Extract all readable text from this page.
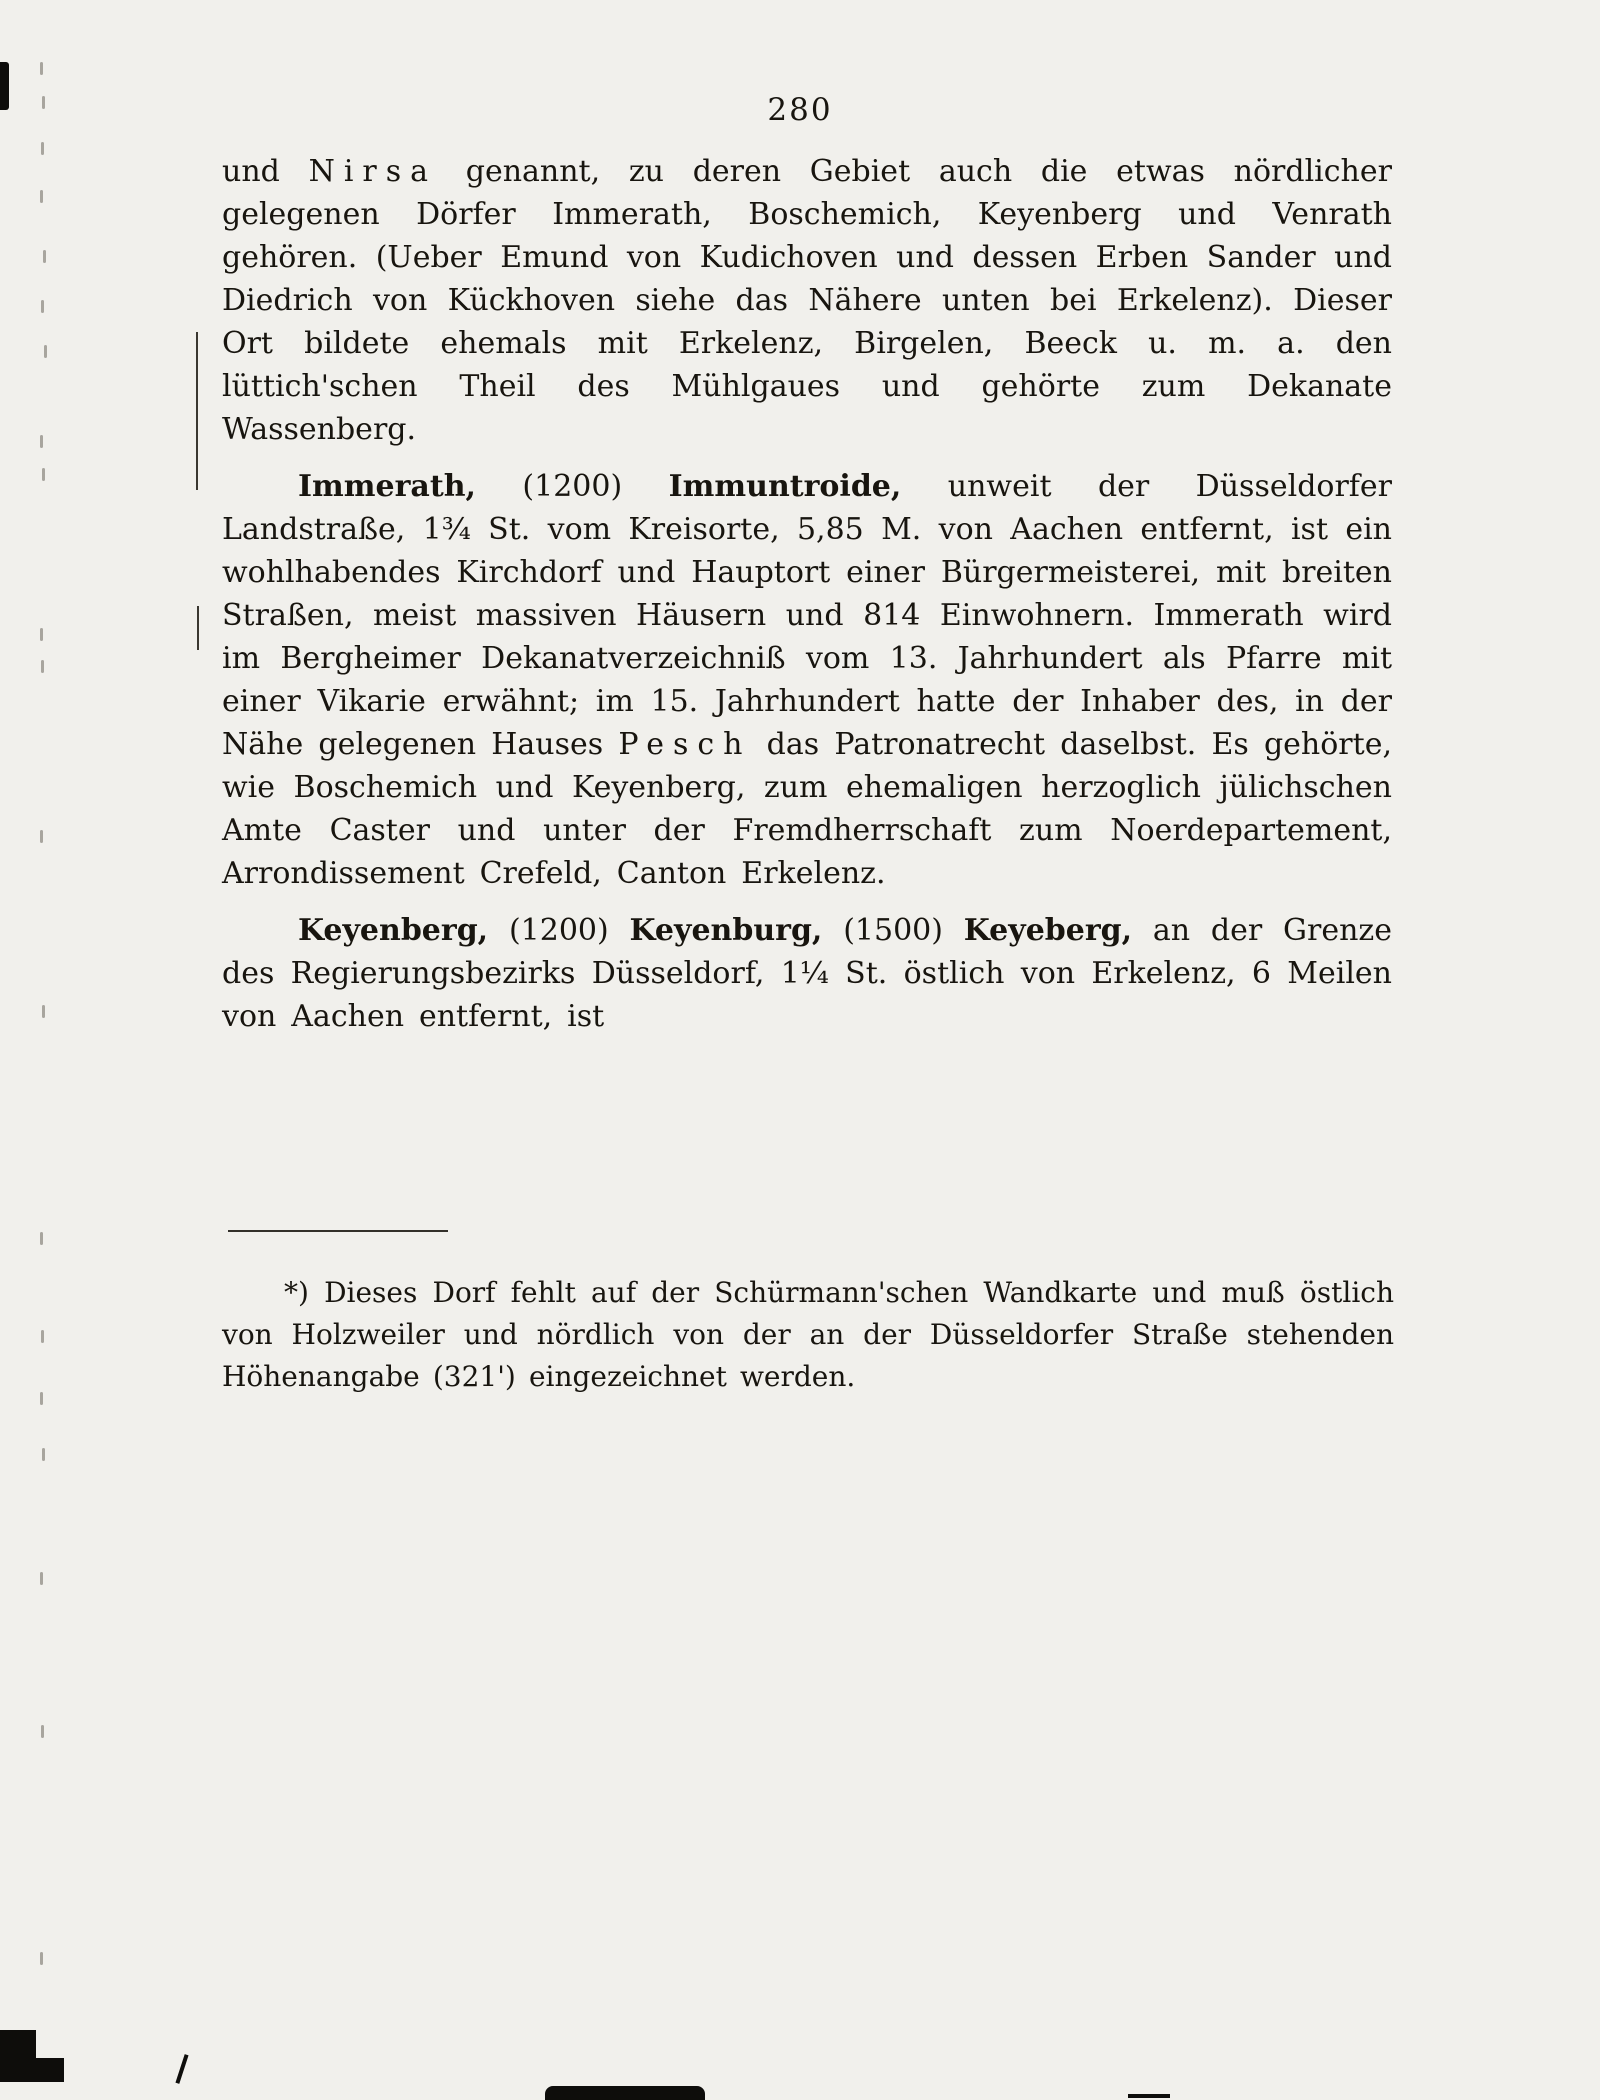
280

und Nirsa genannt, zu deren Gebiet auch die etwas nördlicher gelegenen Dörfer Immerath, Boschemich, Keyenberg und Venrath gehören. (Ueber Emund von Kudichoven und dessen Erben Sander und Diedrich von Kückhoven siehe das Nähere unten bei Erkelenz). Dieser Ort bildete ehemals mit Erkelenz, Birgelen, Beeck u. m. a. den lüttich'schen Theil des Mühlgaues und gehörte zum Dekanate Wassenberg.

Immerath, (1200) Immuntroide, unweit der Düsseldorfer Landstraße, 1¾ St. vom Kreisorte, 5,85 M. von Aachen entfernt, ist ein wohlhabendes Kirchdorf und Hauptort einer Bürgermeisterei, mit breiten Straßen, meist massiven Häusern und 814 Einwohnern. Immerath wird im Bergheimer Dekanatverzeichniß vom 13. Jahrhundert als Pfarre mit einer Vikarie erwähnt; im 15. Jahrhundert hatte der Inhaber des, in der Nähe gelegenen Hauses Pesch das Patronatrecht daselbst. Es gehörte, wie Boschemich und Keyenberg, zum ehemaligen herzoglich jülichschen Amte Caster und unter der Fremdherrschaft zum Noerdepartement, Arrondissement Crefeld, Canton Erkelenz.

Keyenberg, (1200) Keyenburg, (1500) Keyeberg, an der Grenze des Regierungsbezirks Düsseldorf, 1¼ St. östlich von Erkelenz, 6 Meilen von Aachen entfernt, ist

*) Dieses Dorf fehlt auf der Schürmann'schen Wandkarte und muß östlich von Holzweiler und nördlich von der an der Düsseldorfer Straße stehenden Höhenangabe (321') eingezeichnet werden.
